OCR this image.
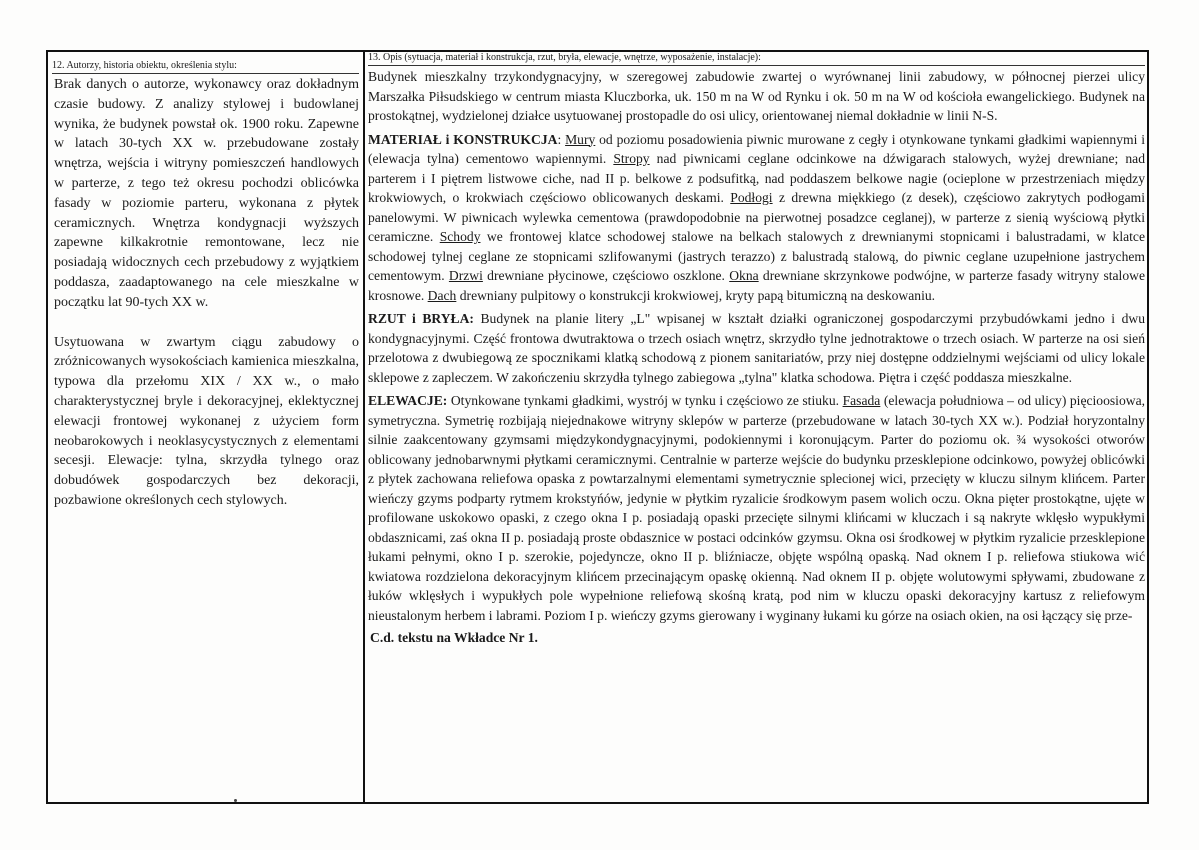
12. Autorzy, historia obiektu, określenia stylu:

Brak danych o autorze, wykonawcy oraz dokładnym czasie budowy. Z analizy stylowej i budowlanej wynika, że budynek powstał ok. 1900 roku. Zapewne w latach 30-tych XX w. przebudowane zostały wnętrza, wejścia i witryny pomieszczeń handlowych w parterze, z tego też okresu pochodzi oblicówka fasady w poziomie parteru, wykonana z płytek ceramicznych. Wnętrza kondygnacji wyższych zapewne kilkakrotnie remontowane, lecz nie posiadają widocznych cech przebudowy z wyjątkiem poddasza, zaadaptowanego na cele mieszkalne w początku lat 90-tych XX w.

Usytuowana w zwartym ciągu zabudowy o zróżnicowanych wysokościach kamienica mieszkalna, typowa dla przełomu XIX / XX w., o mało charakterystycznej bryle i dekoracyjnej, eklektycznej elewacji frontowej wykonanej z użyciem form neobarokowych i neoklasycystycznych z elementami secesji. Elewacje: tylna, skrzydła tylnego oraz dobudówek gospodarczych bez dekoracji, pozbawione określonych cech stylowych.

13. Opis (sytuacja, materiał i konstrukcja, rzut, bryła, elewacje, wnętrze, wyposażenie, instalacje):

Budynek mieszkalny trzykondygnacyjny, w szeregowej zabudowie zwartej o wyrównanej linii zabudowy, w północnej pierzei ulicy Marszałka Piłsudskiego w centrum miasta Kluczborka, uk. 150 m na W od Rynku i ok. 50 m na W od kościoła ewangelickiego. Budynek na prostokątnej, wydzielonej działce usytuowanej prostopadle do osi ulicy, orientowanej niemal dokładnie w linii N-S.

MATERIAŁ i KONSTRUKCJA: Mury od poziomu posadowienia piwnic murowane z cegły i otynkowane tynkami gładkimi wapiennymi i (elewacja tylna) cementowo wapiennymi. Stropy nad piwnicami ceglane odcinkowe na dźwigarach stalowych, wyżej drewniane; nad parterem i I piętrem listwowe ciche, nad II p. belkowe z podsufitką, nad poddaszem belkowe nagie (ocieplone w przestrzeniach między krokwiowych, o krokwiach częściowo oblicowanych deskami. Podłogi z drewna miękkiego (z desek), częściowo zakrytych podłogami panelowymi. W piwnicach wylewka cementowa (prawdopodobnie na pierwotnej posadzce ceglanej), w parterze z sienią wyściową płytki ceramiczne. Schody we frontowej klatce schodowej stalowe na belkach stalowych z drewnianymi stopnicami i balustradami, w klatce schodowej tylnej ceglane ze stopnicami szlifowanymi (jastrych terazzo) z balustradą stalową, do piwnic ceglane uzupełnione jastrychem cementowym. Drzwi drewniane płycinowe, częściowo oszklone. Okna drewniane skrzynkowe podwójne, w parterze fasady witryny stalowe krosnowe. Dach drewniany pulpitowy o konstrukcji krokwiowej, kryty papą bitumiczną na deskowaniu.

RZUT i BRYŁA: Budynek na planie litery „L" wpisanej w kształt działki ograniczonej gospodarczymi przybudówkami jedno i dwu kondygnacyjnymi. Część frontowa dwutraktowa o trzech osiach wnętrz, skrzydło tylne jednotraktowe o trzech osiach. W parterze na osi sień przelotowa z dwubiegową ze spocznikami klatką schodową z pionem sanitariatów, przy niej dostępne oddzielnymi wejściami od ulicy lokale sklepowe z zapleczem. W zakończeniu skrzydła tylnego zabiegowa „tylna" klatka schodowa. Piętra i część poddasza mieszkalne.

ELEWACJE: Otynkowane tynkami gładkimi, wystrój w tynku i częściowo ze stiuku. Fasada (elewacja południowa – od ulicy) pięcioosiowa, symetryczna. Symetrię rozbijają niejednakowe witryny sklepów w parterze (przebudowane w latach 30-tych XX w.). Podział horyzontalny silnie zaakcentowany gzymsami międzykondygnacyjnymi, podokiennymi i koronującym. Parter do poziomu ok. ¾ wysokości otworów oblicowany jednobarwnymi płytkami ceramicznymi. Centralnie w parterze wejście do budynku przesklepione odcinkowo, powyżej oblicówki z płytek zachowana reliefowa opaska z powtarzalnymi elementami symetrycznie splecionej wici, przecięty w kluczu silnym klińcem. Parter wieńczy gzyms podparty rytmem krokstyńów, jedynie w płytkim ryzalicie środkowym pasem wolich oczu. Okna pięter prostokątne, ujęte w profilowane uskokowo opaski, z czego okna I p. posiadają opaski przecięte silnymi klińcami w kluczach i są nakryte wklęsło wypukłymi obdasznicami, zaś okna II p. posiadają proste obdasznice w postaci odcinków gzymsu. Okna osi środkowej w płytkim ryzalicie przesklepione łukami pełnymi, okno I p. szerokie, pojedyncze, okno II p. bliźniacze, objęte wspólną opaską. Nad oknem I p. reliefowa stiukowa wić kwiatowa rozdzielona dekoracyjnym klińcem przecinającym opaskę okienną. Nad oknem II p. objęte wolutowymi spływami, zbudowane z łuków wklęsłych i wypukłych pole wypełnione reliefową skośną kratą, pod nim w kluczu opaski dekoracyjny kartusz z reliefowym nieustalonym herbem i labrami. Poziom I p. wieńczy gzyms gierowany i wyginany łukami ku górze na osiach okien, na osi łączący się prze-

C.d. tekstu na Wkładce Nr 1.
